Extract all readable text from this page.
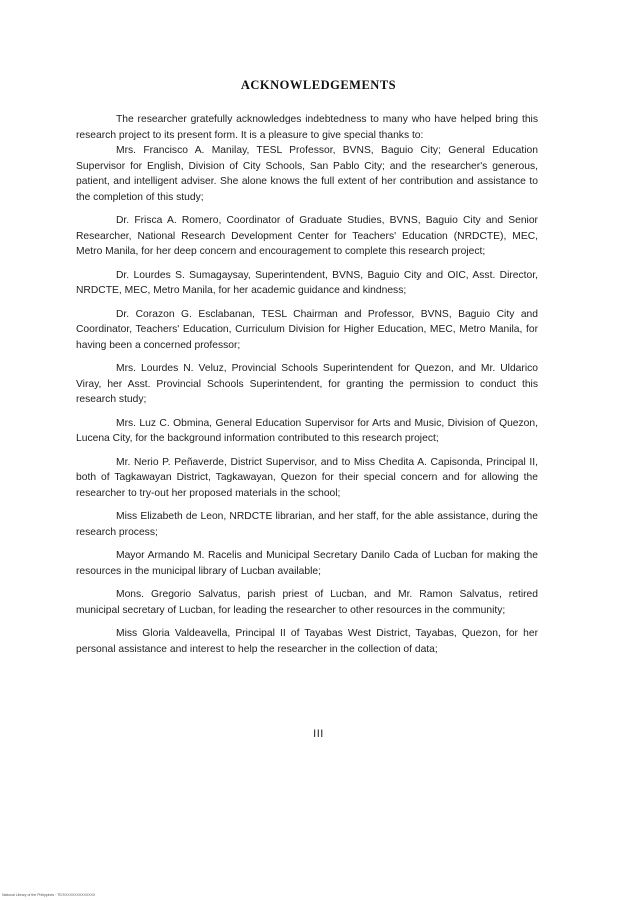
ACKNOWLEDGEMENTS

The researcher gratefully acknowledges indebtedness to many who have helped bring this research project to its present form. It is a pleasure to give special thanks to:

Mrs. Francisco A. Manilay, TESL Professor, BVNS, Baguio City; General Education Supervisor for English, Division of City Schools, San Pablo City; and the researcher's generous, patient, and intelligent adviser. She alone knows the full extent of her contribution and assistance to the completion of this study;

Dr. Frisca A. Romero, Coordinator of Graduate Studies, BVNS, Baguio City and Senior Researcher, National Research Development Center for Teachers' Education (NRDCTE), MEC, Metro Manila, for her deep concern and encouragement to complete this research project;

Dr. Lourdes S. Sumagaysay, Superintendent, BVNS, Baguio City and OIC, Asst. Director, NRDCTE, MEC, Metro Manila, for her academic guidance and kindness;

Dr. Corazon G. Esclabanan, TESL Chairman and Professor, BVNS, Baguio City and Coordinator, Teachers' Education, Curriculum Division for Higher Education, MEC, Metro Manila, for having been a concerned professor;

Mrs. Lourdes N. Veluz, Provincial Schools Superintendent for Quezon, and Mr. Uldarico Viray, her Asst. Provincial Schools Superintendent, for granting the permission to conduct this research study;

Mrs. Luz C. Obmina, General Education Supervisor for Arts and Music, Division of Quezon, Lucena City, for the background information contributed to this research project;

Mr. Nerio P. Peñaverde, District Supervisor, and to Miss Chedita A. Capisonda, Principal II, both of Tagkawayan District, Tagkawayan, Quezon for their special concern and for allowing the researcher to try-out her proposed materials in the school;

Miss Elizabeth de Leon, NRDCTE librarian, and her staff, for the able assistance, during the research process;

Mayor Armando M. Racelis and Municipal Secretary Danilo Cada of Lucban for making the resources in the municipal library of Lucban available;

Mons. Gregorio Salvatus, parish priest of Lucban, and Mr. Ramon Salvatus, retired municipal secretary of Lucban, for leading the researcher to other resources in the community;

Miss Gloria Valdeavella, Principal II of Tayabas West District, Tayabas, Quezon, for her personal assistance and interest to help the researcher in the collection of data;

III
National Library of the Philippines · TE/XXXXXXXXXXXXXX
